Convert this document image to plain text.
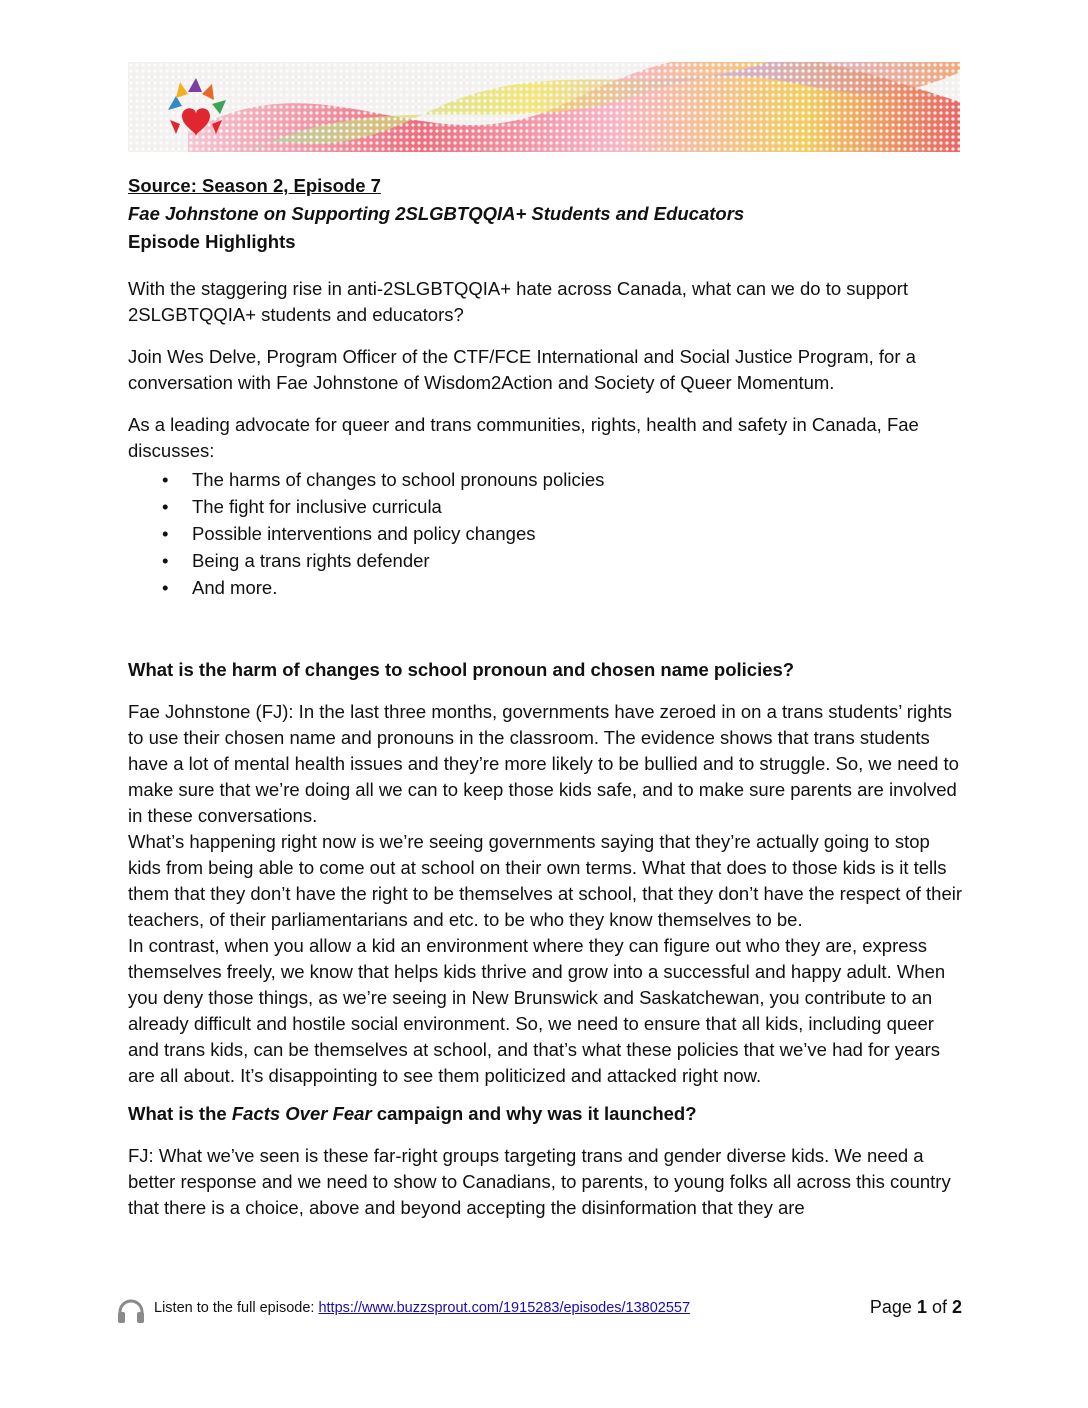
Source: Season 2, Episode 7
Fae Johnstone on Supporting 2SLGBTQQIA+ Students and Educators
Episode Highlights

With the staggering rise in anti-2SLGBTQQIA+ hate across Canada, what can we do to support 2SLGBTQQIA+ students and educators?

Join Wes Delve, Program Officer of the CTF/FCE International and Social Justice Program, for a conversation with Fae Johnstone of Wisdom2Action and Society of Queer Momentum.

As a leading advocate for queer and trans communities, rights, health and safety in Canada, Fae discusses:

• The harms of changes to school pronouns policies
• The fight for inclusive curricula
• Possible interventions and policy changes
• Being a trans rights defender
• And more.
What is the harm of changes to school pronoun and chosen name policies?

Fae Johnstone (FJ): In the last three months, governments have zeroed in on a trans students’ rights to use their chosen name and pronouns in the classroom. The evidence shows that trans students have a lot of mental health issues and they’re more likely to be bullied and to struggle. So, we need to make sure that we’re doing all we can to keep those kids safe, and to make sure parents are involved in these conversations.

What’s happening right now is we’re seeing governments saying that they’re actually going to stop kids from being able to come out at school on their own terms. What that does to those kids is it tells them that they don’t have the right to be themselves at school, that they don’t have the respect of their teachers, of their parliamentarians and etc. to be who they know themselves to be.

In contrast, when you allow a kid an environment where they can figure out who they are, express themselves freely, we know that helps kids thrive and grow into a successful and happy adult. When you deny those things, as we’re seeing in New Brunswick and Saskatchewan, you contribute to an already difficult and hostile social environment. So, we need to ensure that all kids, including queer and trans kids, can be themselves at school, and that’s what these policies that we’ve had for years are all about. It’s disappointing to see them politicized and attacked right now.

What is the Facts Over Fear campaign and why was it launched?

FJ: What we’ve seen is these far-right groups targeting trans and gender diverse kids. We need a better response and we need to show to Canadians, to parents, to young folks all across this country that there is a choice, above and beyond accepting the disinformation that they are

Listen to the full episode: https://www.buzzsprout.com/1915283/episodes/13802557	Page 1 of 2
